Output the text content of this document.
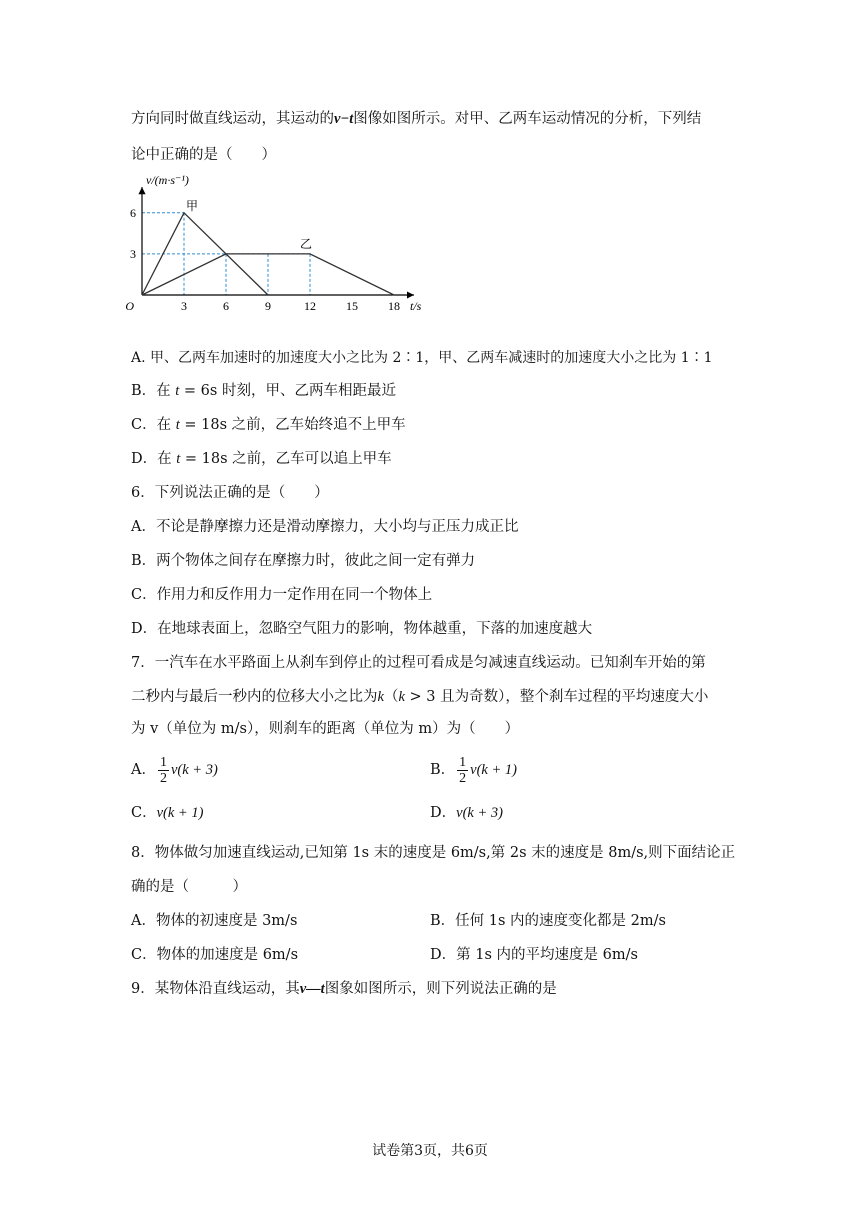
方向同时做直线运动，其运动的v−t图像如图所示。对甲、乙两车运动情况的分析，下列结
论中正确的是（　　）
甲
乙
3	6	9	12	15	18
3
6
O	t/s
v/(m·s⁻¹)
A. 甲、乙两车加速时的加速度大小之比为 2∶1，甲、乙两车减速时的加速度大小之比为 1∶1
B．在 t = 6s 时刻，甲、乙两车相距最近
C．在 t = 18s 之前，乙车始终追不上甲车
D．在 t = 18s 之前，乙车可以追上甲车
6．下列说法正确的是（　　）
A．不论是静摩擦力还是滑动摩擦力，大小均与正压力成正比
B．两个物体之间存在摩擦力时，彼此之间一定有弹力
C．作用力和反作用力一定作用在同一个物体上
D．在地球表面上，忽略空气阻力的影响，物体越重，下落的加速度越大
7．一汽车在水平路面上从刹车到停止的过程可看成是匀减速直线运动。已知刹车开始的第
二秒内与最后一秒内的位移大小之比为k（k > 3 且为奇数），整个刹车过程的平均速度大小
为 v（单位为 m/s），则刹车的距离（单位为 m）为（　　）
A． $\frac{1}{2} v(k + 3)$	B． $\frac{1}{2} v(k + 1)$
C．v(k + 1)	D．v(k + 3)
8．物体做匀加速直线运动,已知第 1s 末的速度是 6m/s,第 2s 末的速度是 8m/s,则下面结论正
确的是（　　　）
A．物体的初速度是 3m/s	B．任何 1s 内的速度变化都是 2m/s
C．物体的加速度是 6m/s	D．第 1s 内的平均速度是 6m/s
9．某物体沿直线运动，其v—t图象如图所示，则下列说法正确的是
试卷第3页，共6页
